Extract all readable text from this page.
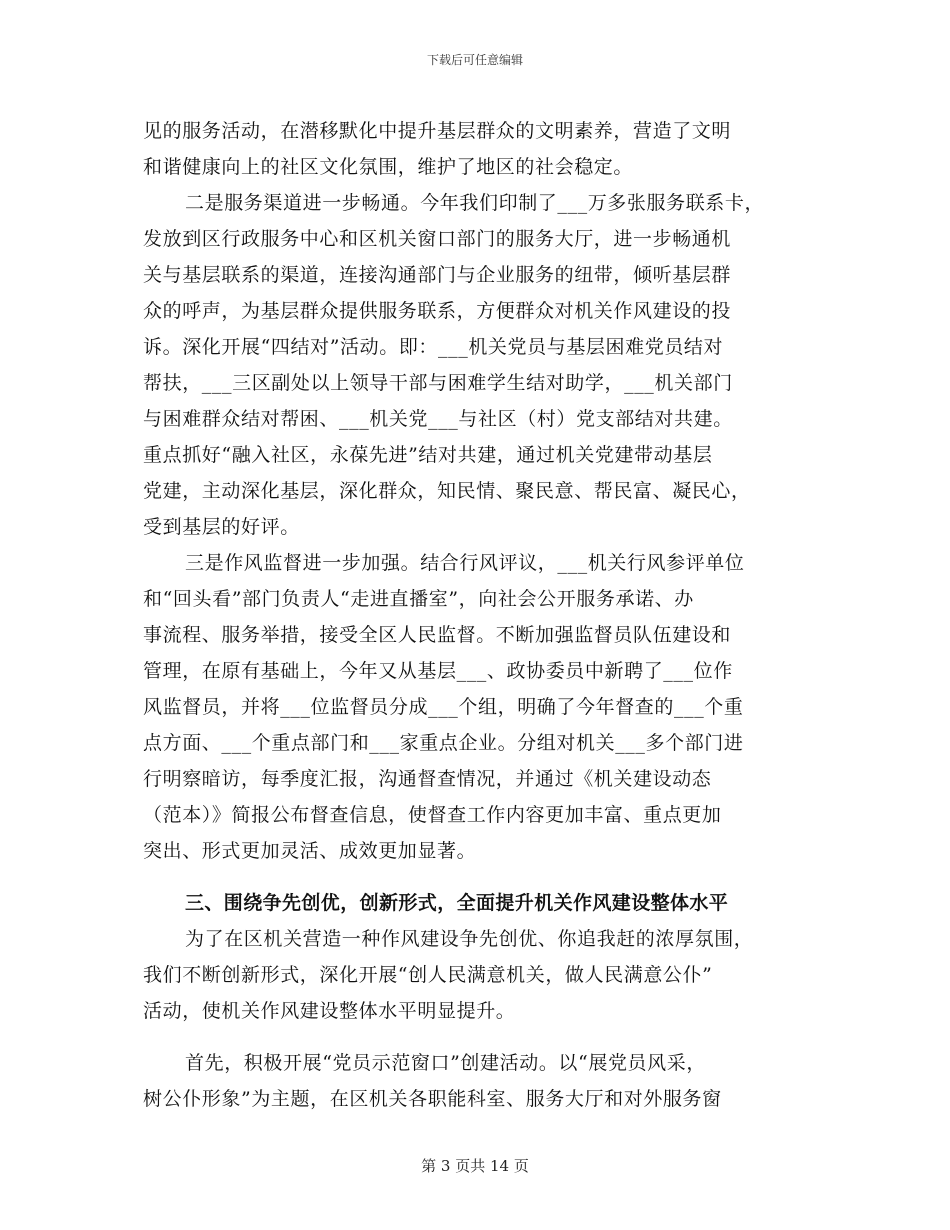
下载后可任意编辑
见的服务活动，在潜移默化中提升基层群众的文明素养，营造了文明
和谐健康向上的社区文化氛围，维护了地区的社会稳定。
二是服务渠道进一步畅通。今年我们印制了___万多张服务联系卡，
发放到区行政服务中心和区机关窗口部门的服务大厅，进一步畅通机
关与基层联系的渠道，连接沟通部门与企业服务的纽带，倾听基层群
众的呼声，为基层群众提供服务联系，方便群众对机关作风建设的投
诉。深化开展“四结对”活动。即：___机关党员与基层困难党员结对
帮扶，___三区副处以上领导干部与困难学生结对助学，___机关部门
与困难群众结对帮困、___机关党___与社区（村）党支部结对共建。
重点抓好“融入社区，永葆先进”结对共建，通过机关党建带动基层
党建，主动深化基层，深化群众，知民情、聚民意、帮民富、凝民心，
受到基层的好评。
三是作风监督进一步加强。结合行风评议，___机关行风参评单位
和“回头看”部门负责人“走进直播室”，向社会公开服务承诺、办
事流程、服务举措，接受全区人民监督。不断加强监督员队伍建设和
管理，在原有基础上，今年又从基层___、政协委员中新聘了___位作
风监督员，并将___位监督员分成___个组，明确了今年督查的___个重
点方面、___个重点部门和___家重点企业。分组对机关___多个部门进
行明察暗访，每季度汇报，沟通督查情况，并通过《机关建设动态
（范本）》简报公布督查信息，使督查工作内容更加丰富、重点更加
突出、形式更加灵活、成效更加显著。
三、围绕争先创优，创新形式，全面提升机关作风建设整体水平
为了在区机关营造一种作风建设争先创优、你追我赶的浓厚氛围，
我们不断创新形式，深化开展“创人民满意机关，做人民满意公仆”
活动，使机关作风建设整体水平明显提升。
首先，积极开展“党员示范窗口”创建活动。以“展党员风采，
树公仆形象”为主题，在区机关各职能科室、服务大厅和对外服务窗
第 3 页共 14 页
